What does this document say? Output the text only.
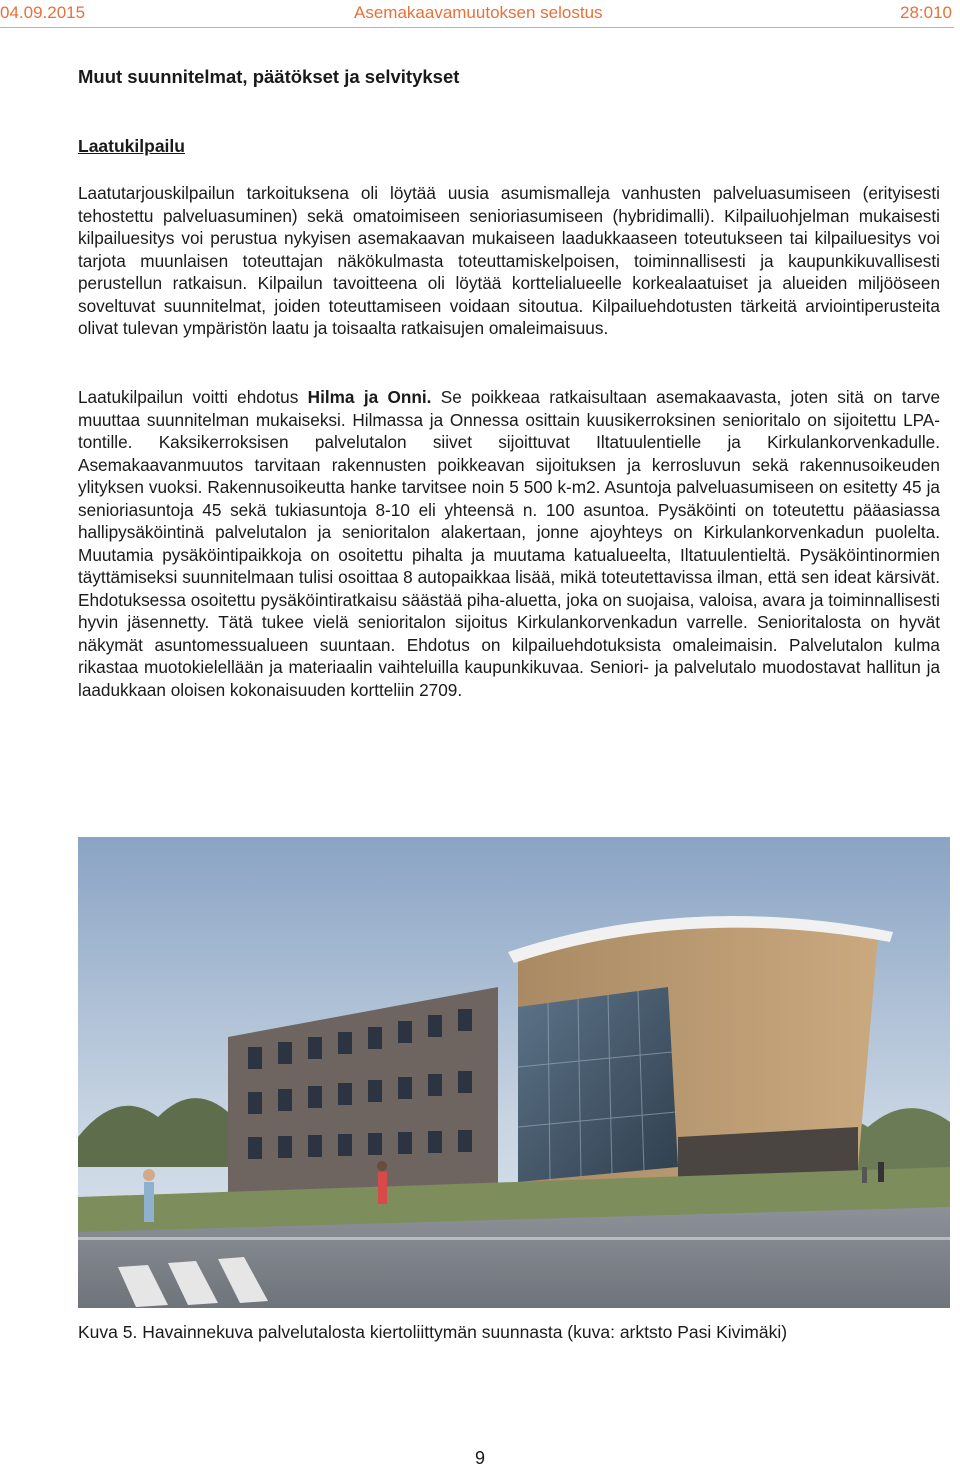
04.09.2015	Asemakaavamuutoksen selostus	28:010
Muut suunnitelmat, päätökset ja selvitykset
Laatukilpailu

Laatutarjouskilpailun tarkoituksena oli löytää uusia asumismalleja vanhusten palveluasumiseen (erityisesti tehostettu palveluasuminen) sekä omatoimiseen senioriasumiseen (hybridimalli). Kilpailuohjelman mukaisesti kilpailuesitys voi perustua nykyisen asemakaavan mukaiseen laadukkaaseen toteutukseen tai kilpailuesitys voi tarjota muunlaisen toteuttajan näkökulmasta toteuttamiskelpoisen, toiminnallisesti ja kaupunkikuvallisesti perustellun ratkaisun. Kilpailun tavoitteena oli löytää korttelialueelle korkealaatuiset ja alueiden miljööseen soveltuvat suunnitelmat, joiden toteuttamiseen voidaan sitoutua. Kilpailuehdotusten tärkeitä arviointiperusteita olivat tulevan ympäristön laatu ja toisaalta ratkaisujen omaleimaisuus.

Laatukilpailun voitti ehdotus Hilma ja Onni. Se poikkeaa ratkaisultaan asemakaavasta, joten sitä on tarve muuttaa suunnitelman mukaiseksi. Hilmassa ja Onnessa osittain kuusikerroksinen senioritalo on sijoitettu LPA-tontille. Kaksikerroksisen palvelutalon siivet sijoittuvat Iltatuulentielle ja Kirkulankorvenkadulle. Asemakaavanmuutos tarvitaan rakennusten poikkeavan sijoituksen ja kerrosluvun sekä rakennusoikeuden ylityksen vuoksi. Rakennusoikeutta hanke tarvitsee noin 5 500 k-m2. Asuntoja palveluasumiseen on esitetty 45 ja senioriasuntoja 45 sekä tukiasuntoja 8-10 eli yhteensä n. 100 asuntoa. Pysäköinti on toteutettu pääasiassa hallipysäköintinä palvelutalon ja senioritalon alakertaan, jonne ajoyhteys on Kirkulankorvenkadun puolelta. Muutamia pysäköintipaikkoja on osoitettu pihalta ja muutama katualueelta, Iltatuulentieltä. Pysäköintinormien täyttämiseksi suunnitelmaan tulisi osoittaa 8 autopaikkaa lisää, mikä toteutettavissa ilman, että sen ideat kärsivät. Ehdotuksessa osoitettu pysäköintiratkaisu säästää piha-aluetta, joka on suojaisa, valoisa, avara ja toiminnallisesti hyvin jäsennetty. Tätä tukee vielä senioritalon sijoitus Kirkulankorvenkadun varrelle. Senioritalosta on hyvät näkymät asuntomessualueen suuntaan. Ehdotus on kilpailuehdotuksista omaleimaisin. Palvelutalon kulma rikastaa muotokielellään ja materiaalin vaihteluilla kaupunkikuvaa. Seniori- ja palvelutalo muodostavat hallitun ja laadukkaan oloisen kokonaisuuden kortteliin 2709.

Kuva 5. Havainnekuva palvelutalosta kiertoliittymän suunnasta (kuva: arktsto Pasi Kivimäki)

9
